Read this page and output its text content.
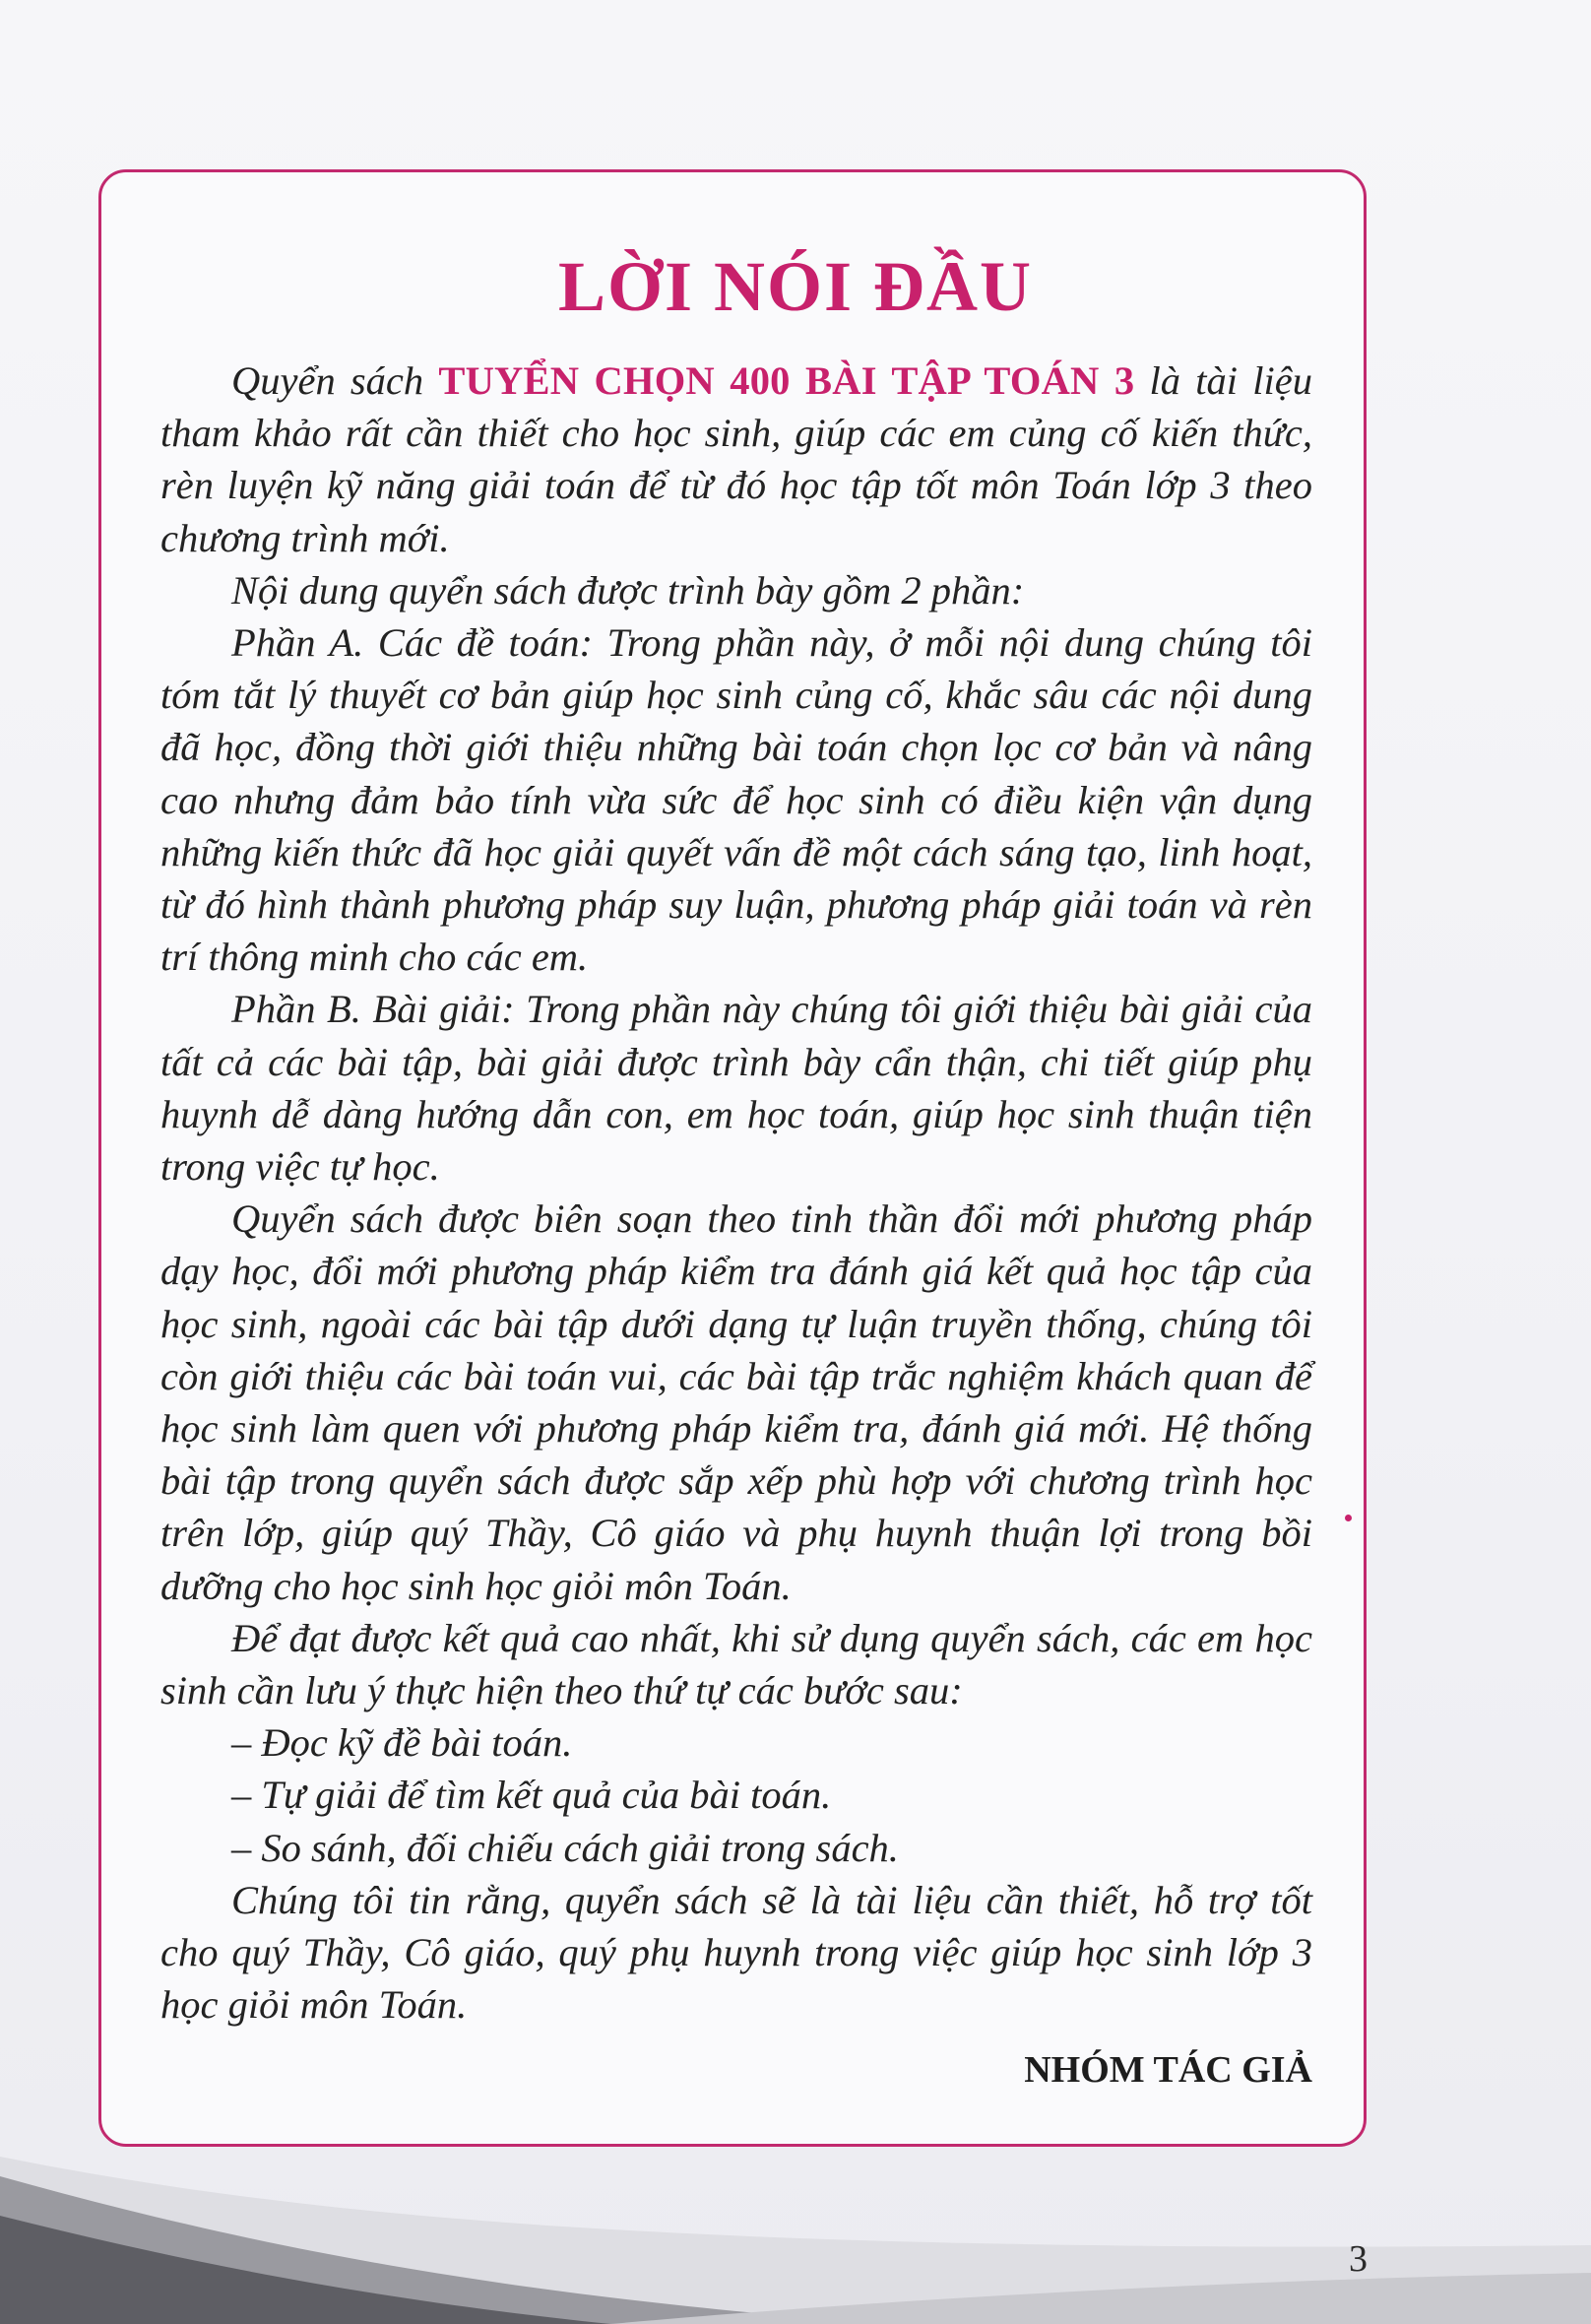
LỜI NÓI ĐẦU

Quyển sách TUYỂN CHỌN 400 BÀI TẬP TOÁN 3 là tài liệu tham khảo rất cần thiết cho học sinh, giúp các em củng cố kiến thức, rèn luyện kỹ năng giải toán để từ đó học tập tốt môn Toán lớp 3 theo chương trình mới.

Nội dung quyển sách được trình bày gồm 2 phần:

Phần A. Các đề toán: Trong phần này, ở mỗi nội dung chúng tôi tóm tắt lý thuyết cơ bản giúp học sinh củng cố, khắc sâu các nội dung đã học, đồng thời giới thiệu những bài toán chọn lọc cơ bản và nâng cao nhưng đảm bảo tính vừa sức để học sinh có điều kiện vận dụng những kiến thức đã học giải quyết vấn đề một cách sáng tạo, linh hoạt, từ đó hình thành phương pháp suy luận, phương pháp giải toán và rèn trí thông minh cho các em.

Phần B. Bài giải: Trong phần này chúng tôi giới thiệu bài giải của tất cả các bài tập, bài giải được trình bày cẩn thận, chi tiết giúp phụ huynh dễ dàng hướng dẫn con, em học toán, giúp học sinh thuận tiện trong việc tự học.

Quyển sách được biên soạn theo tinh thần đổi mới phương pháp dạy học, đổi mới phương pháp kiểm tra đánh giá kết quả học tập của học sinh, ngoài các bài tập dưới dạng tự luận truyền thống, chúng tôi còn giới thiệu các bài toán vui, các bài tập trắc nghiệm khách quan để học sinh làm quen với phương pháp kiểm tra, đánh giá mới. Hệ thống bài tập trong quyển sách được sắp xếp phù hợp với chương trình học trên lớp, giúp quý Thầy, Cô giáo và phụ huynh thuận lợi trong bồi dưỡng cho học sinh học giỏi môn Toán.

Để đạt được kết quả cao nhất, khi sử dụng quyển sách, các em học sinh cần lưu ý thực hiện theo thứ tự các bước sau:

– Đọc kỹ đề bài toán.

– Tự giải để tìm kết quả của bài toán.

– So sánh, đối chiếu cách giải trong sách.

Chúng tôi tin rằng, quyển sách sẽ là tài liệu cần thiết, hỗ trợ tốt cho quý Thầy, Cô giáo, quý phụ huynh trong việc giúp học sinh lớp 3 học giỏi môn Toán.

NHÓM TÁC GIẢ
3
